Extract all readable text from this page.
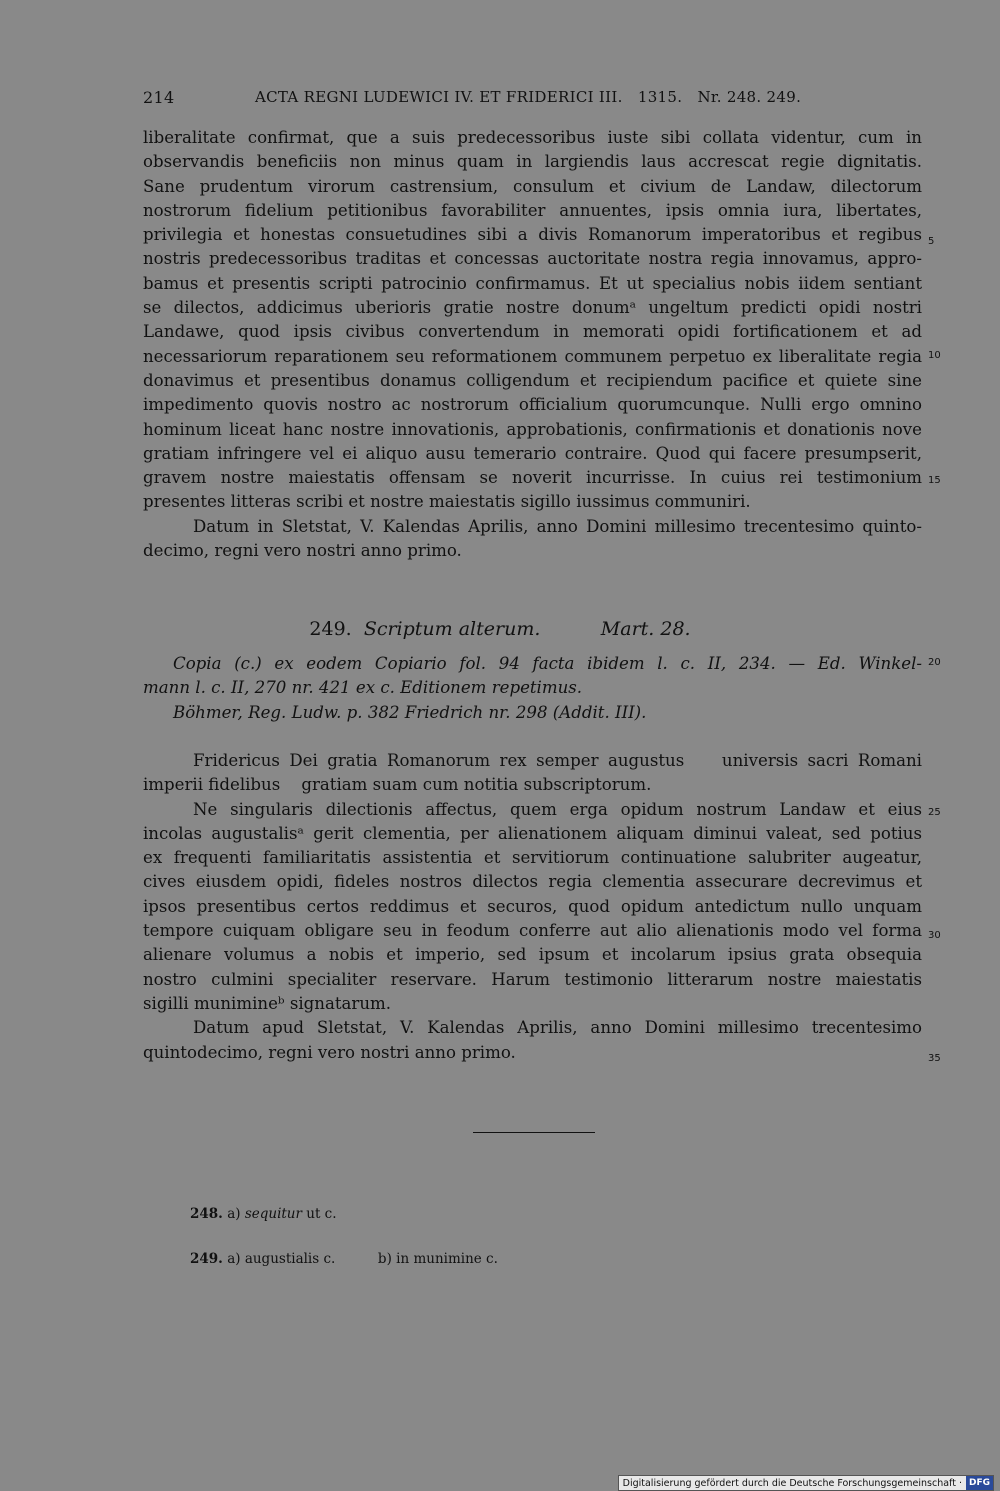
214	ACTA REGNI LUDEWICI IV. ET FRIDERICI III.   1315.   Nr. 248. 249.
liberalitate confirmat, que a suis predecessoribus iuste sibi collata videntur, cum in
observandis beneficiis non minus quam in largiendis laus accrescat regie dignitatis.
Sane prudentum virorum castrensium, consulum et civium de Landaw, dilectorum
nostrorum fidelium petitionibus favorabiliter annuentes, ipsis omnia iura, libertates,
privilegia et honestas consuetudines sibi a divis Romanorum imperatoribus et regibus
nostris predecessoribus traditas et concessas auctoritate nostra regia innovamus, appro-
bamus et presentis scripti patrocinio confirmamus. Et ut specialius nobis iidem sentiant
se dilectos, addicimus uberioris gratie nostre donumᵃ ungeltum predicti opidi nostri
Landawe, quod ipsis civibus convertendum in memorati opidi fortificationem et ad
necessariorum reparationem seu reformationem communem perpetuo ex liberalitate regia
donavimus et presentibus donamus colligendum et recipiendum pacifice et quiete sine
impedimento quovis nostro ac nostrorum officialium quorumcunque. Nulli ergo omnino
hominum liceat hanc nostre innovationis, approbationis, confirmationis et donationis nove
gratiam infringere vel ei aliquo ausu temerario contraire. Quod qui facere presumpserit,
gravem nostre maiestatis offensam se noverit incurrisse. In cuius rei testimonium
presentes litteras scribi et nostre maiestatis sigillo iussimus communiri.
Datum in Sletstat, V. Kalendas Aprilis, anno Domini millesimo trecentesimo quinto-
decimo, regni vero nostri anno primo.
5
10
15
20
25
30
35
249. Scriptum alterum.	Mart. 28.
Copia (c.) ex eodem Copiario fol. 94 facta ibidem l. c. II, 234. — Ed. Winkel-
mann l. c. II, 270 nr. 421 ex c. Editionem repetimus.
Böhmer, Reg. Ludw. p. 382 Friedrich nr. 298 (Addit. III).
Fridericus Dei gratia Romanorum rex semper augustus    universis sacri Romani
imperii fidelibus    gratiam suam cum notitia subscriptorum.
Ne singularis dilectionis affectus, quem erga opidum nostrum Landaw et eius
incolas augustalisᵃ gerit clementia, per alienationem aliquam diminui valeat, sed potius
ex frequenti familiaritatis assistentia et servitiorum continuatione salubriter augeatur,
cives eiusdem opidi, fideles nostros dilectos regia clementia assecurare decrevimus et
ipsos presentibus certos reddimus et securos, quod opidum antedictum nullo unquam
tempore cuiquam obligare seu in feodum conferre aut alio alienationis modo vel forma
alienare volumus a nobis et imperio, sed ipsum et incolarum ipsius grata obsequia
nostro culmini specialiter reservare. Harum testimonio litterarum nostre maiestatis
sigilli munimineᵇ signatarum.
Datum apud Sletstat, V. Kalendas Aprilis, anno Domini millesimo trecentesimo
quintodecimo, regni vero nostri anno primo.
248. a) sequitur ut c.
249. a) augustialis c.	b) in munimine c.
Digitalisierung gefördert durch die Deutsche Forschungsgemeinschaft · DFG
